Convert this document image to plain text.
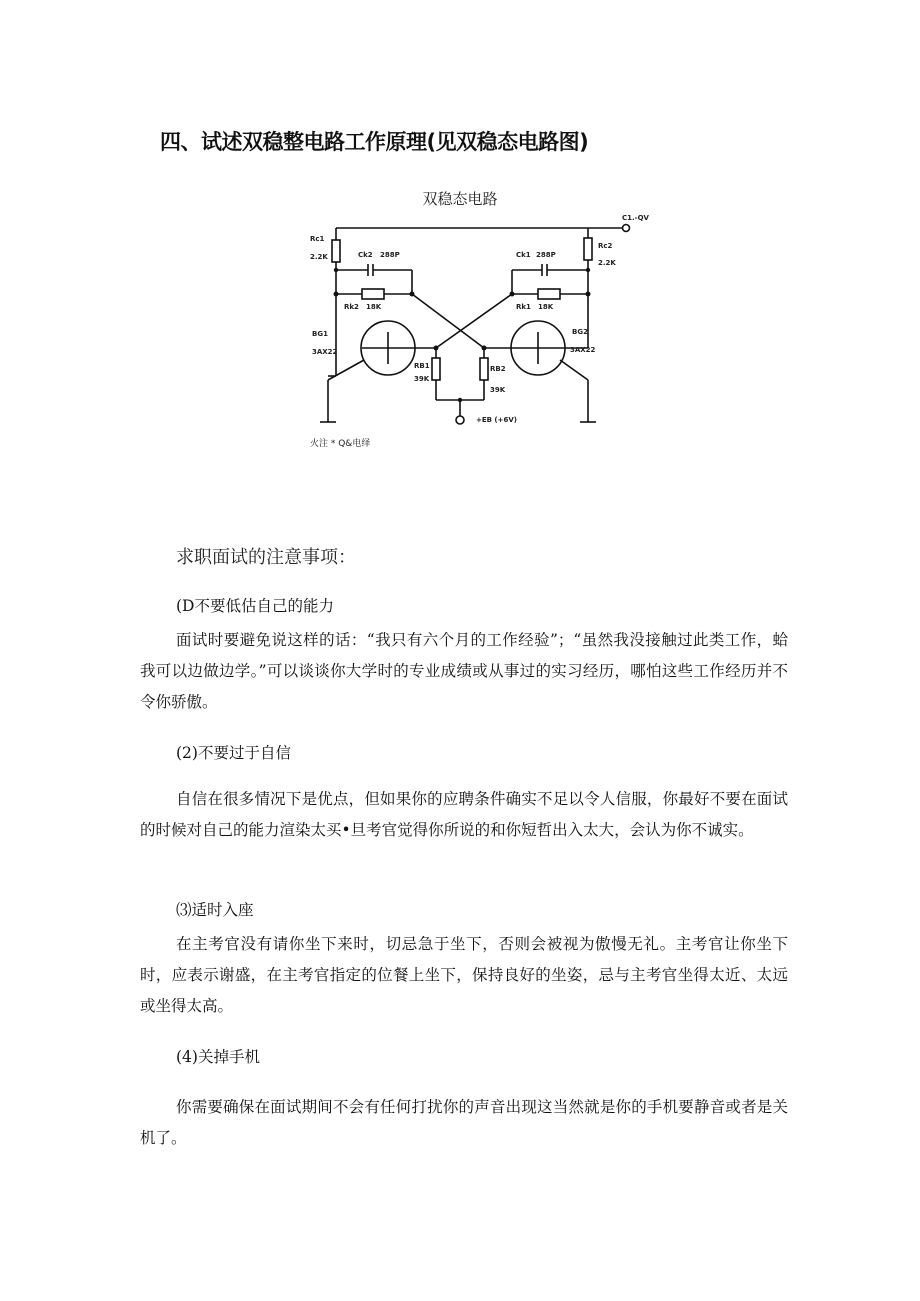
四、试述双稳整电路工作原理(见双稳态电路图)
双稳态电路
C1.-QV
Rc1
2.2K
Rc2
2.2K
Ck2 288P	Ck1 288P
Rk2 18K	Rk1 18K
BG1
3AX22
BG2
3AX22
RB1
39K
RB2
39K
+EB (+6V)
火注 * Q&电绎
求职面试的注意事项：
(D不要低估自己的能力

面试时要避免说这样的话：“我只有六个月的工作经验”；“虽然我没接触过此类工作，蛤我可以边做边学。”可以谈谈你大学时的专业成绩或从事过的实习经历，哪怕这些工作经历并不令你骄傲。

(2)不要过于自信

自信在很多情况下是优点，但如果你的应聘条件确实不足以令人信服，你最好不要在面试的时候对自己的能力渲染太买•旦考官觉得你所说的和你短哲出入太大，会认为你不诚实。

⑶适时入座

在主考官没有请你坐下来时，切忌急于坐下，否则会被视为傲慢无礼。主考官让你坐下时，应表示谢盛，在主考官指定的位餐上坐下，保持良好的坐姿，忌与主考官坐得太近、太远或坐得太高。

(4)关掉手机

你需要确保在面试期间不会有任何打扰你的声音出现这当然就是你的手机要静音或者是关机了。
